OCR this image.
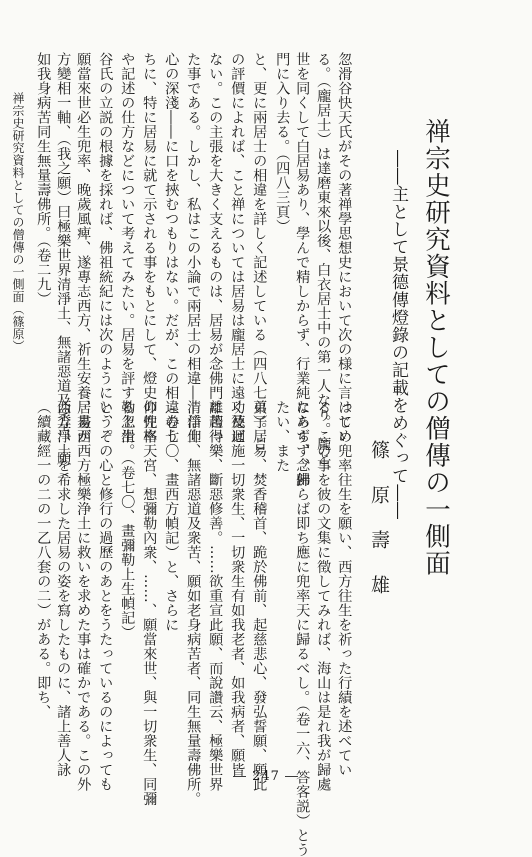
禅宗史研究資料としての僧傳の一側面
――主として景德傳燈錄の記載をめぐって――
篠原壽雄
忽滑谷快天氏がその著禅學思想史において次の様に言ってい
る。（龐居士）は達磨東來以後、白衣居士中の第一人なり。龐と
世を同くして白居易あり、學んで精しからず、行業純ならず、念佛
門に入り去る。（四八三頁）
と、更に兩居士の相違を詳しく記述している（四八七頁）。こ
の評價によれば、こと禅については居易は龐居士に遠く及ば
ない。この主張を大きく支えるものは、居易が念佛門に趨っ
た事である。しかし、私はこの小論で兩居士の相違――信仰
心の深淺――に口を挾むつもりはない。だが、この相違のう
ちに、特に居易に就て示される事をもとにして、燈史の性格
や記述の仕方などについて考えてみたい。居易を評する忽滑
谷氏の立説の根據を採れば、佛祖統紀には次のようにいう。
願當來世必生兜率、晚歲風痺、遂專志西方、祈生安養、畫西
方變相一軸、（我之願）曰極樂世界清淨土、無諸惡道及衆苦、願
如我身病苦同生無量壽佛所。（卷二九）
禅宗史研究資料としての僧傳の一側面（篠原）
はじめ兜率往生を願い、西方往生を祈った行績を述べてい
る。この事を彼の文集に徵してみれば、海山は是れ我が歸處
にあらず、歸らば即ち應に兜率天に歸るべし。（卷一六、答客説）とう
たい、また
弟子居易、焚香稽首、跪於佛前、起慈悲心、發弘誓願、願此
功德迴施一切衆生、一切衆生有如我老者、如我病者、願皆
離苦得樂、斷惡修善。……欲重宣此願、而說讚云、極樂世界
清淨土、無諸惡道及衆苦、願如老身病苦者、同生無量壽佛所。
（卷七〇、畫西方幀記）と、さらに
仰兜率天宮、想彌勒內衆、……、願當來世、與一切衆生、同彌
勒上生。（卷七〇、畫彌勒上生幀記）
と、その心と修行の過歷のあとをうたっているのによっても
居易が西方極樂浄土に救いを求めた事は確かである。この外
西方淨土を希求した居易の姿を寫したものに、諸上善人詠
（續藏經一の二の一乙八套の二）がある。即ち、
― 247 ―
